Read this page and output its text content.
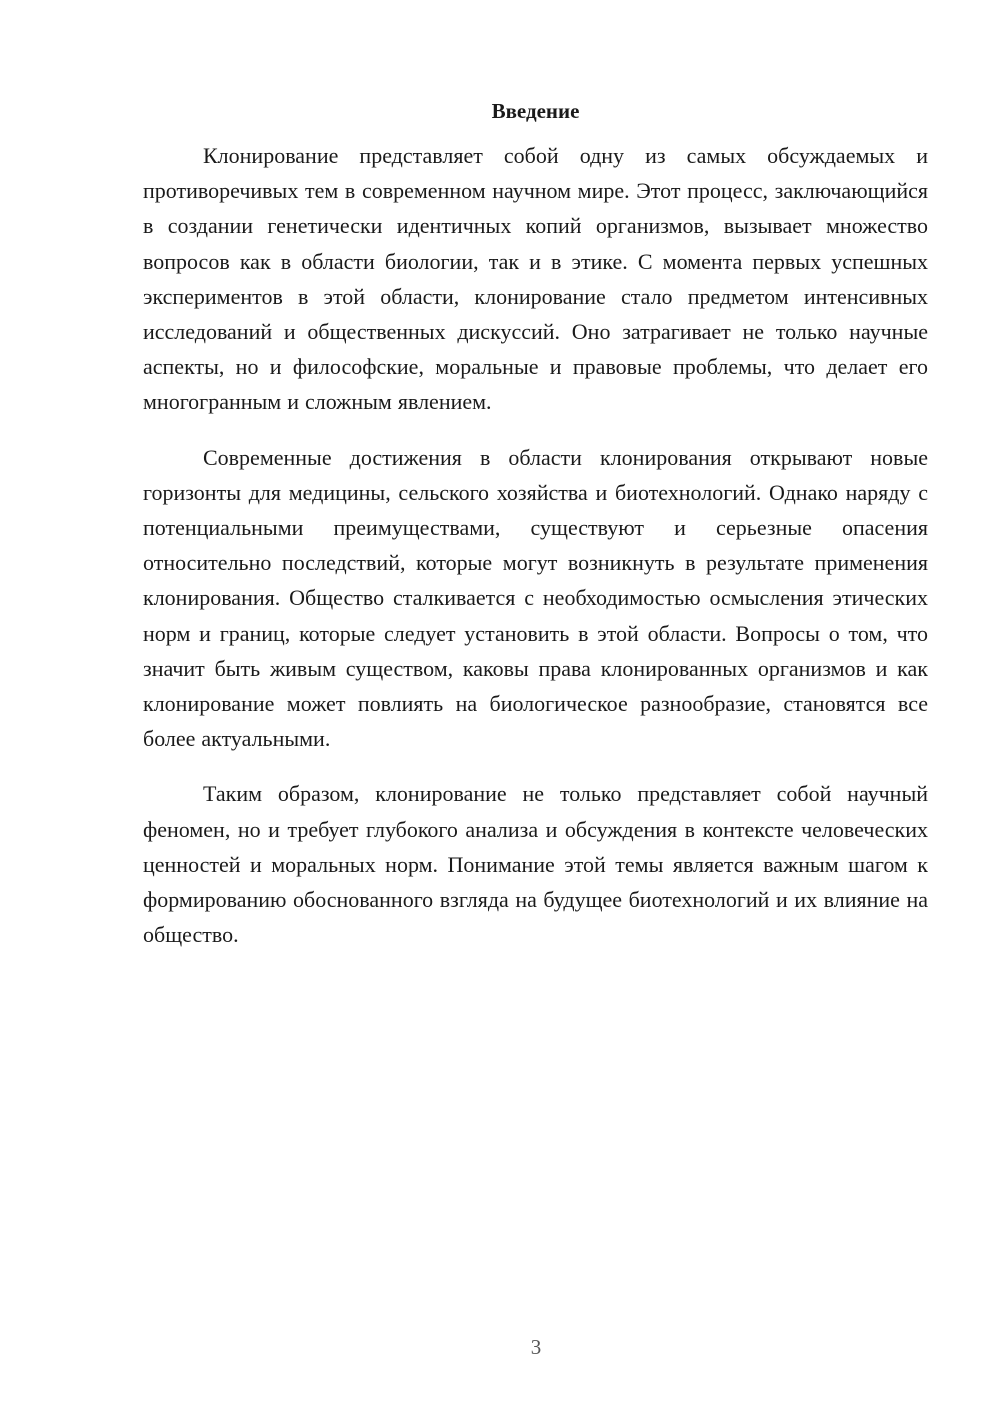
Введение

Клонирование представляет собой одну из самых обсуждаемых и противоречивых тем в современном научном мире. Этот процесс, заключающийся в создании генетически идентичных копий организмов, вызывает множество вопросов как в области биологии, так и в этике. С момента первых успешных экспериментов в этой области, клонирование стало предметом интенсивных исследований и общественных дискуссий. Оно затрагивает не только научные аспекты, но и философские, моральные и правовые проблемы, что делает его многогранным и сложным явлением.

Современные достижения в области клонирования открывают новые горизонты для медицины, сельского хозяйства и биотехнологий. Однако наряду с потенциальными преимуществами, существуют и серьезные опасения относительно последствий, которые могут возникнуть в результате применения клонирования. Общество сталкивается с необходимостью осмысления этических норм и границ, которые следует установить в этой области. Вопросы о том, что значит быть живым существом, каковы права клонированных организмов и как клонирование может повлиять на биологическое разнообразие, становятся все более актуальными.

Таким образом, клонирование не только представляет собой научный феномен, но и требует глубокого анализа и обсуждения в контексте человеческих ценностей и моральных норм. Понимание этой темы является важным шагом к формированию обоснованного взгляда на будущее биотехнологий и их влияние на общество.

3
